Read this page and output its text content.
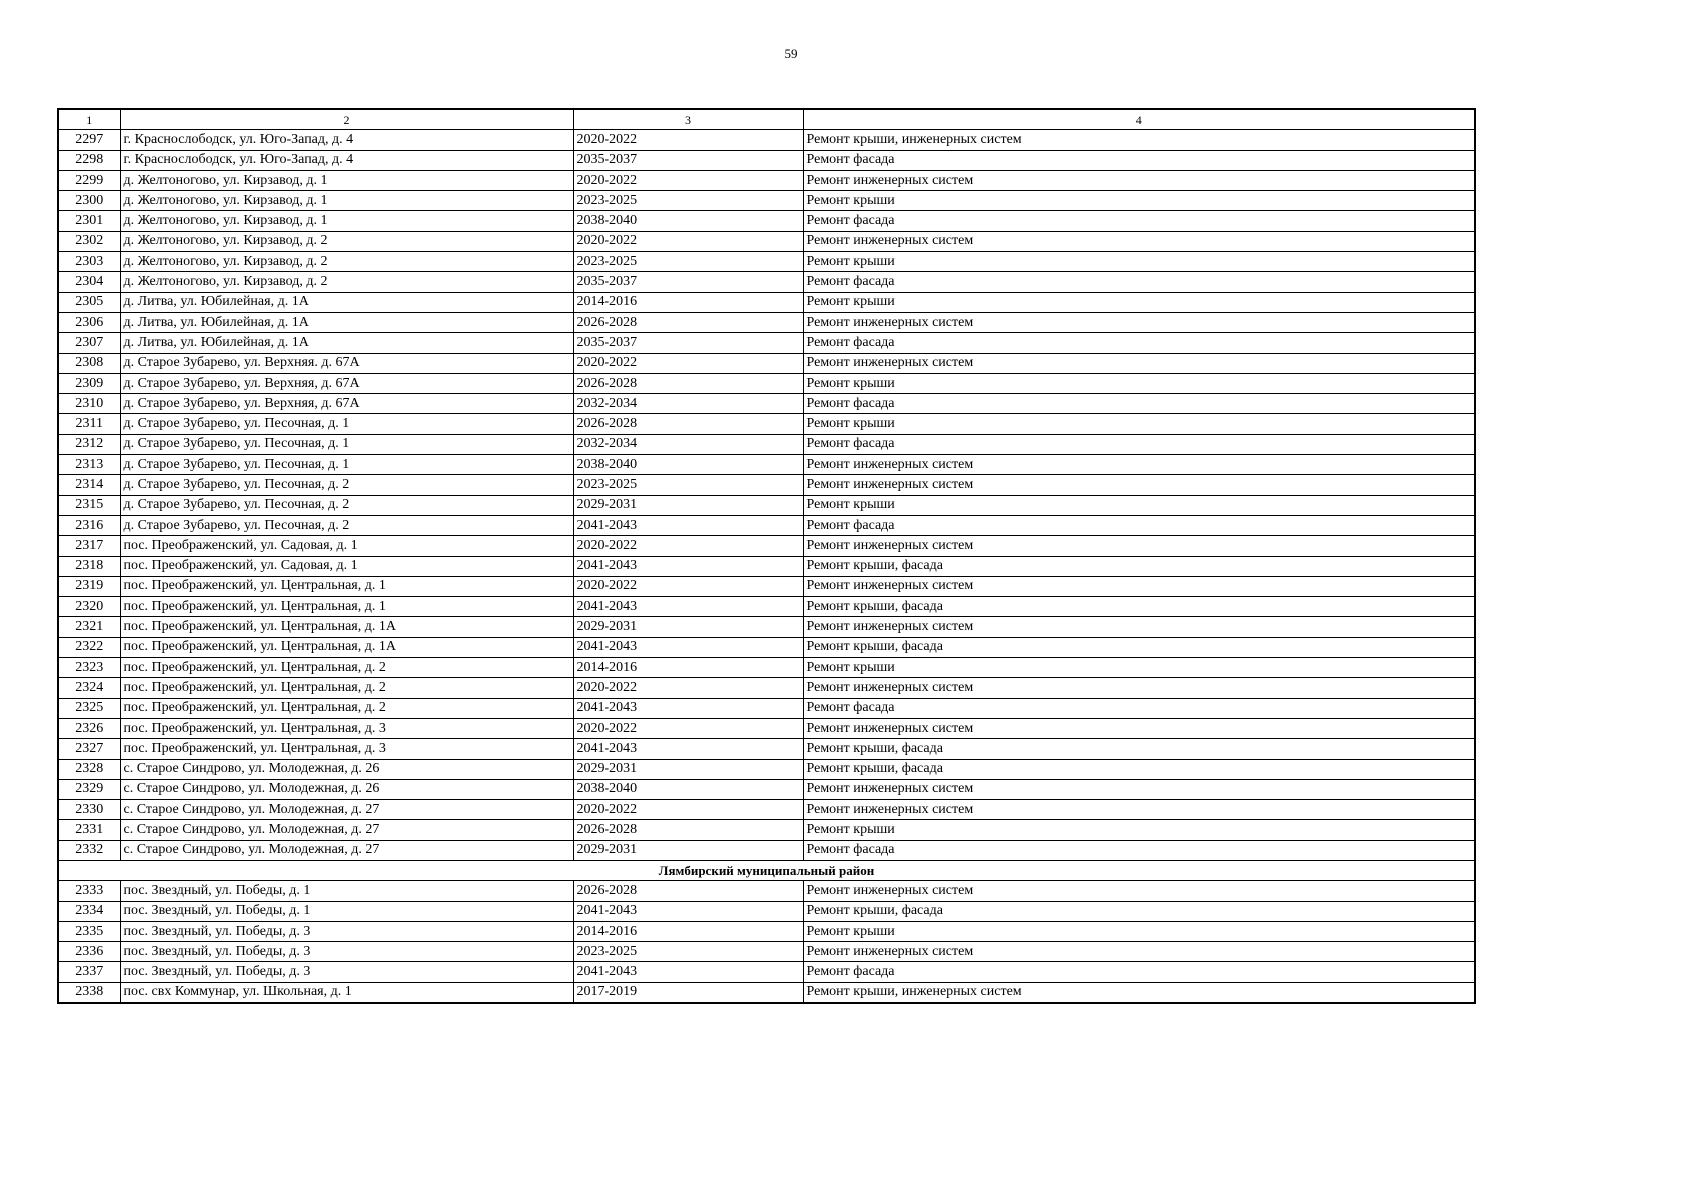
59
1	2	3	4
2297	г. Краснослободск, ул. Юго-Запад, д. 4	2020-2022	Ремонт крыши, инженерных систем
2298	г. Краснослободск, ул. Юго-Запад, д. 4	2035-2037	Ремонт фасада
2299	д. Желтоногово, ул. Кирзавод, д. 1	2020-2022	Ремонт инженерных систем
2300	д. Желтоногово, ул. Кирзавод, д. 1	2023-2025	Ремонт крыши
2301	д. Желтоногово, ул. Кирзавод, д. 1	2038-2040	Ремонт фасада
2302	д. Желтоногово, ул. Кирзавод, д. 2	2020-2022	Ремонт инженерных систем
2303	д. Желтоногово, ул. Кирзавод, д. 2	2023-2025	Ремонт крыши
2304	д. Желтоногово, ул. Кирзавод, д. 2	2035-2037	Ремонт фасада
2305	д. Литва, ул. Юбилейная, д. 1А	2014-2016	Ремонт крыши
2306	д. Литва, ул. Юбилейная, д. 1А	2026-2028	Ремонт инженерных систем
2307	д. Литва, ул. Юбилейная, д. 1А	2035-2037	Ремонт фасада
2308	д. Старое Зубарево, ул. Верхняя. д. 67А	2020-2022	Ремонт инженерных систем
2309	д. Старое Зубарево, ул. Верхняя, д. 67А	2026-2028	Ремонт крыши
2310	д. Старое Зубарево, ул. Верхняя, д. 67А	2032-2034	Ремонт фасада
2311	д. Старое Зубарево, ул. Песочная, д. 1	2026-2028	Ремонт крыши
2312	д. Старое Зубарево, ул. Песочная, д. 1	2032-2034	Ремонт фасада
2313	д. Старое Зубарево, ул. Песочная, д. 1	2038-2040	Ремонт инженерных систем
2314	д. Старое Зубарево, ул. Песочная, д. 2	2023-2025	Ремонт инженерных систем
2315	д. Старое Зубарево, ул. Песочная, д. 2	2029-2031	Ремонт крыши
2316	д. Старое Зубарево, ул. Песочная, д. 2	2041-2043	Ремонт фасада
2317	пос. Преображенский, ул. Садовая, д. 1	2020-2022	Ремонт инженерных систем
2318	пос. Преображенский, ул. Садовая, д. 1	2041-2043	Ремонт крыши, фасада
2319	пос. Преображенский, ул. Центральная, д. 1	2020-2022	Ремонт инженерных систем
2320	пос. Преображенский, ул. Центральная, д. 1	2041-2043	Ремонт крыши, фасада
2321	пос. Преображенский, ул. Центральная, д. 1А	2029-2031	Ремонт инженерных систем
2322	пос. Преображенский, ул. Центральная, д. 1А	2041-2043	Ремонт крыши, фасада
2323	пос. Преображенский, ул. Центральная, д. 2	2014-2016	Ремонт крыши
2324	пос. Преображенский, ул. Центральная, д. 2	2020-2022	Ремонт инженерных систем
2325	пос. Преображенский, ул. Центральная, д. 2	2041-2043	Ремонт фасада
2326	пос. Преображенский, ул. Центральная, д. 3	2020-2022	Ремонт инженерных систем
2327	пос. Преображенский, ул. Центральная, д. 3	2041-2043	Ремонт крыши, фасада
2328	с. Старое Синдрово, ул. Молодежная, д. 26	2029-2031	Ремонт крыши, фасада
2329	с. Старое Синдрово, ул. Молодежная, д. 26	2038-2040	Ремонт инженерных систем
2330	с. Старое Синдрово, ул. Молодежная, д. 27	2020-2022	Ремонт инженерных систем
2331	с. Старое Синдрово, ул. Молодежная, д. 27	2026-2028	Ремонт крыши
2332	с. Старое Синдрово, ул. Молодежная, д. 27	2029-2031	Ремонт фасада
Лямбирский муниципальный район			
2333	пос. Звездный, ул. Победы, д. 1	2026-2028	Ремонт инженерных систем
2334	пос. Звездный, ул. Победы, д. 1	2041-2043	Ремонт крыши, фасада
2335	пос. Звездный, ул. Победы, д. 3	2014-2016	Ремонт крыши
2336	пос. Звездный, ул. Победы, д. 3	2023-2025	Ремонт инженерных систем
2337	пос. Звездный, ул. Победы, д. 3	2041-2043	Ремонт фасада
2338	пос. свх Коммунар, ул. Школьная, д. 1	2017-2019	Ремонт крыши, инженерных систем
